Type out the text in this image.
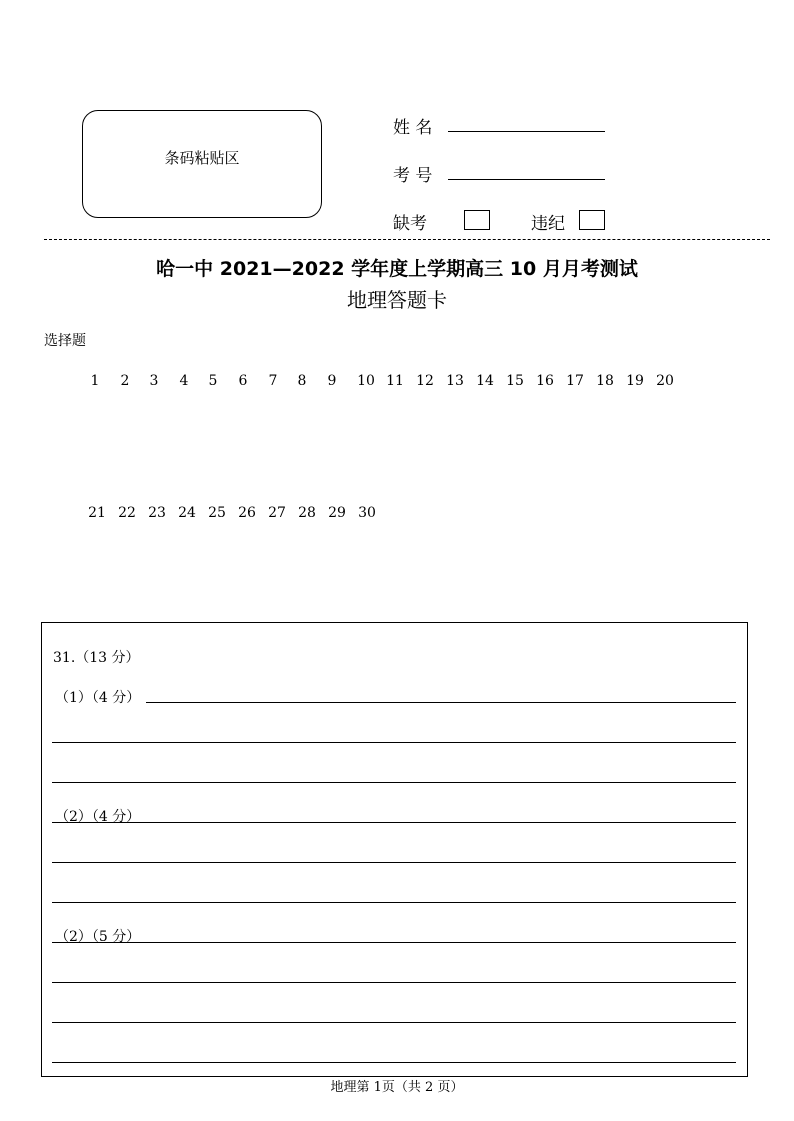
条码粘贴区
姓 名
考 号
缺考	违纪
哈一中 2021—2022 学年度上学期高三 10 月月考测试
地理答题卡
选择题
1	2	3	4	5	6	7	8	9	10 11 12 13 14 15 16 17 18 19 20
21 22 23 24 25 26 27 28 29 30
31.（13 分）
（1）（4 分）
（2）（4 分）
（2）（5 分）
地理第 1页（共 2 页）
